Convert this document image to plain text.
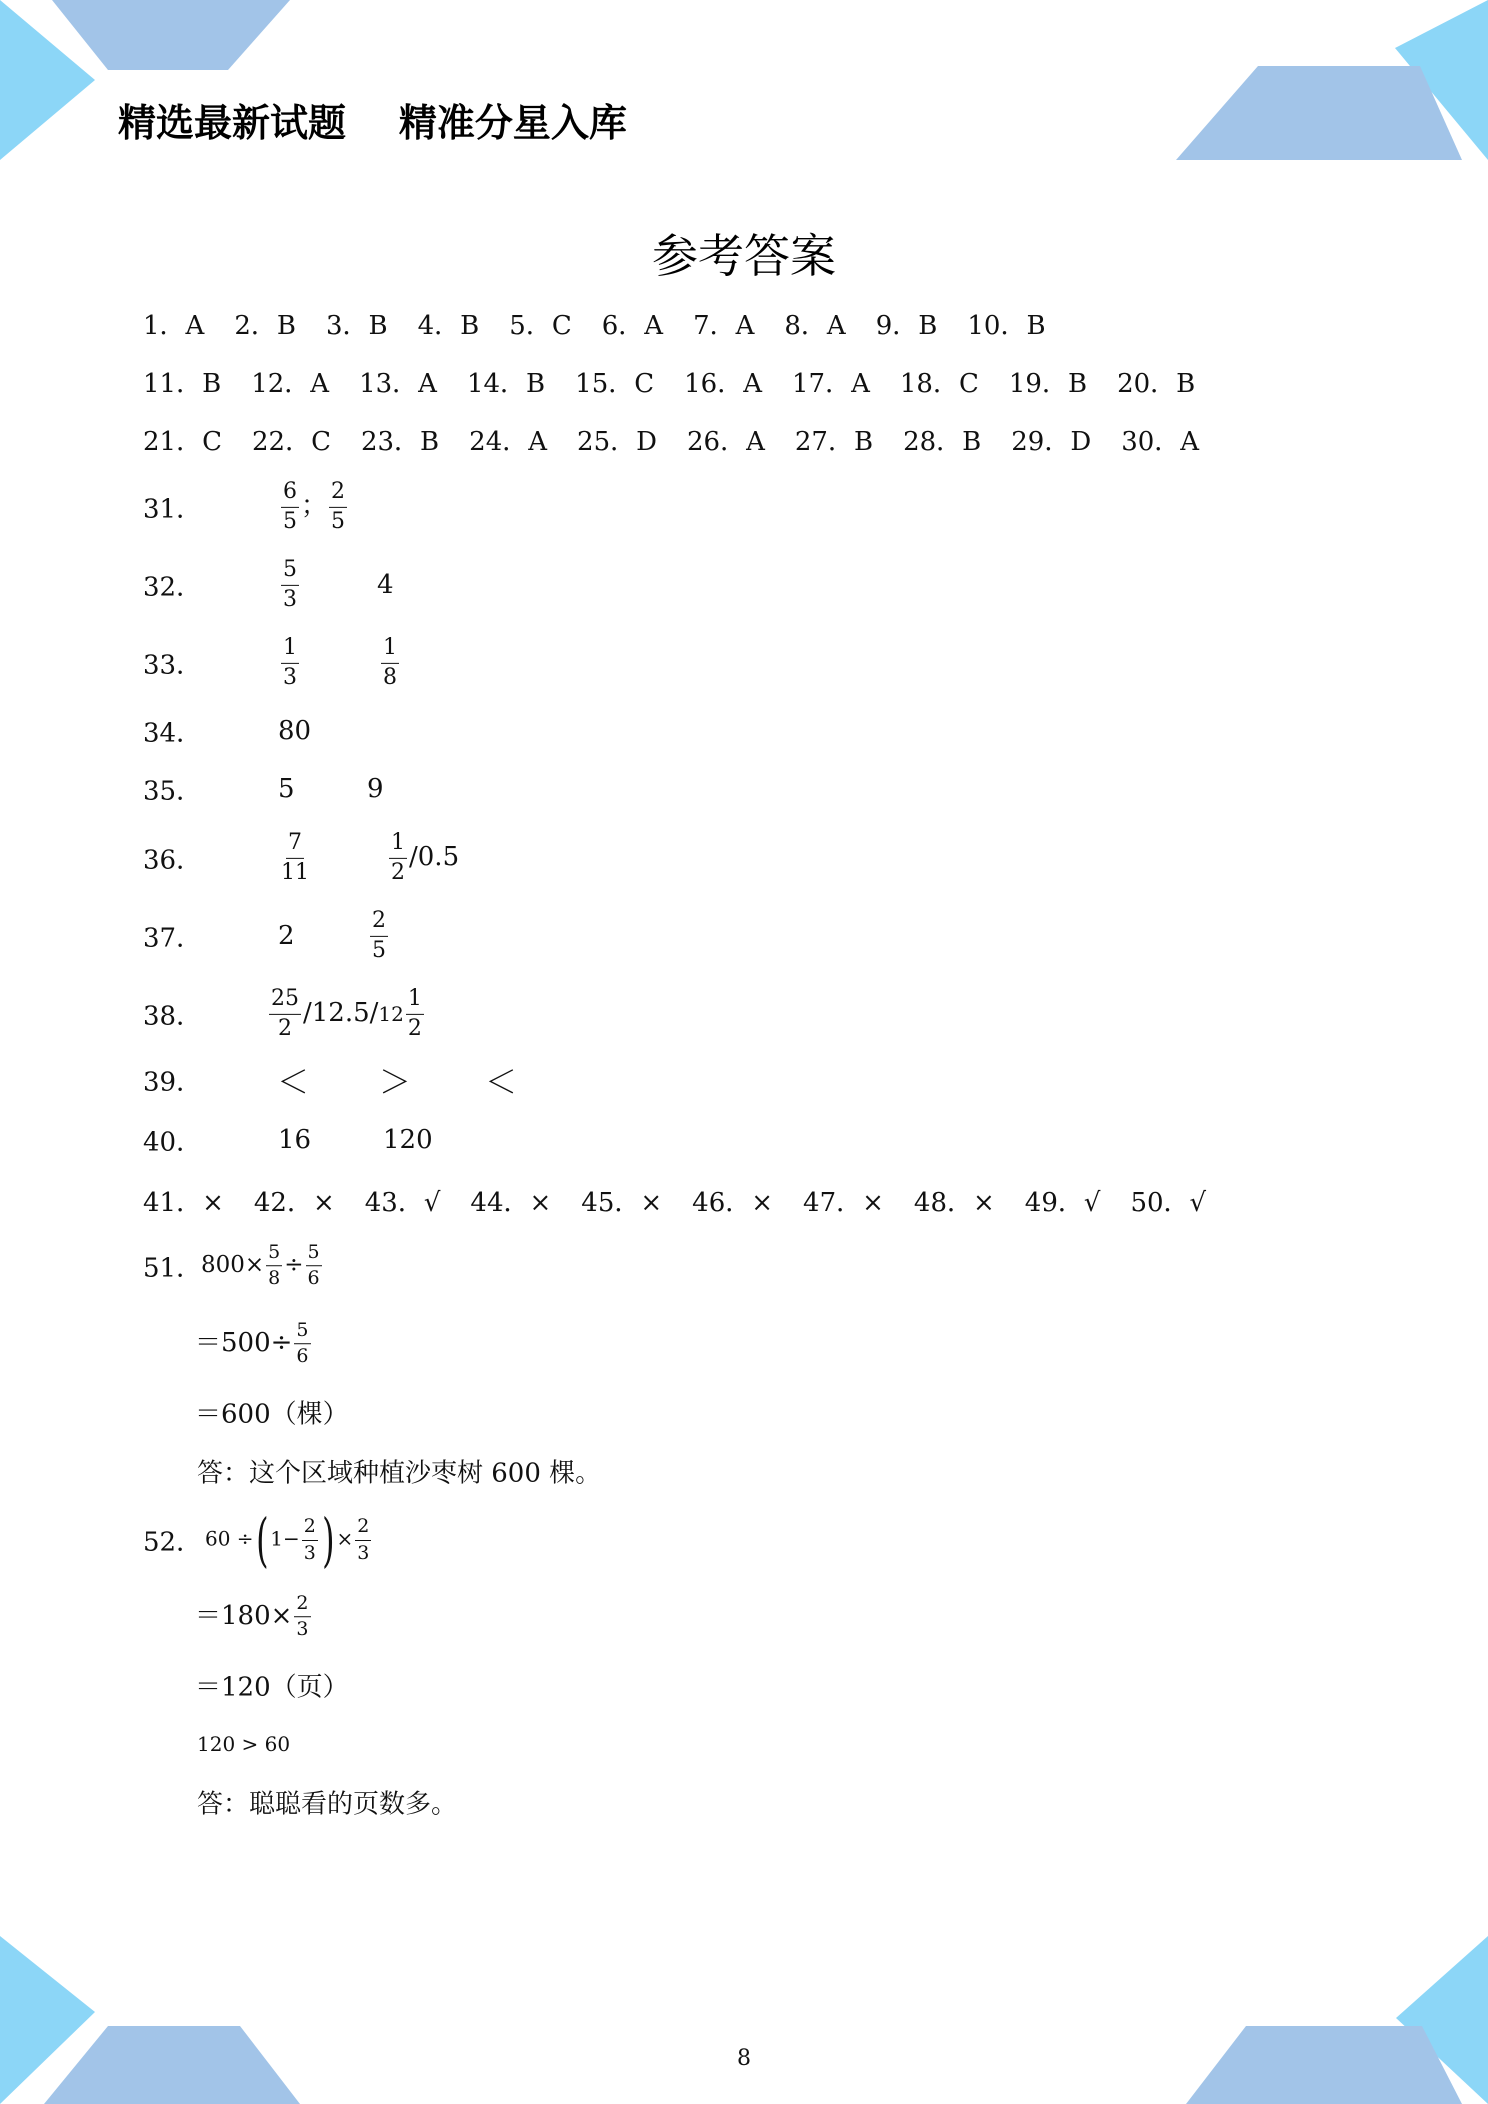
精选最新试题    精准分星入库
参考答案
1．A 2．B 3．B 4．B 5．C 6．A 7．A 8．A 9．B 10．B
11．B 12．A 13．A 14．B 15．C 16．A 17．A 18．C 19．B 20．B
21．C 22．C 23．B 24．A 25．D 26．A 27．B 28．B 29．D 30．A
31．	$\frac{6}{5}$ ； $\frac{2}{5}$
32．	$\frac{5}{3}$	4
33．	$\frac{1}{3}$	$\frac{1}{8}$
34．	80
35．	5	9
36．	$\frac{7}{11}$	$\frac{1}{2} /0.5$
37．	2	$\frac{2}{5}$
38．	$\frac{25}{2} /12.5/12 \frac{1}{2}$
39． ＜ ＞ ＜
40．	16	120
41．× 42．× 43．√ 44．× 45．× 46．× 47．× 48．× 49．√ 50．√
51．
$800\times \frac{5}{8} \div \frac{5}{6}$
$=500\div \frac{5}{6}$
＝600（棵）
答：这个区域种植沙枣树 600 棵。
52． 60 ÷( $1- \frac{2}{3}$ ) × $\frac{2}{3}$
$=180\times \frac{2}{3}$
＝120（页）
120 > 60
答：聪聪看的页数多。
8
